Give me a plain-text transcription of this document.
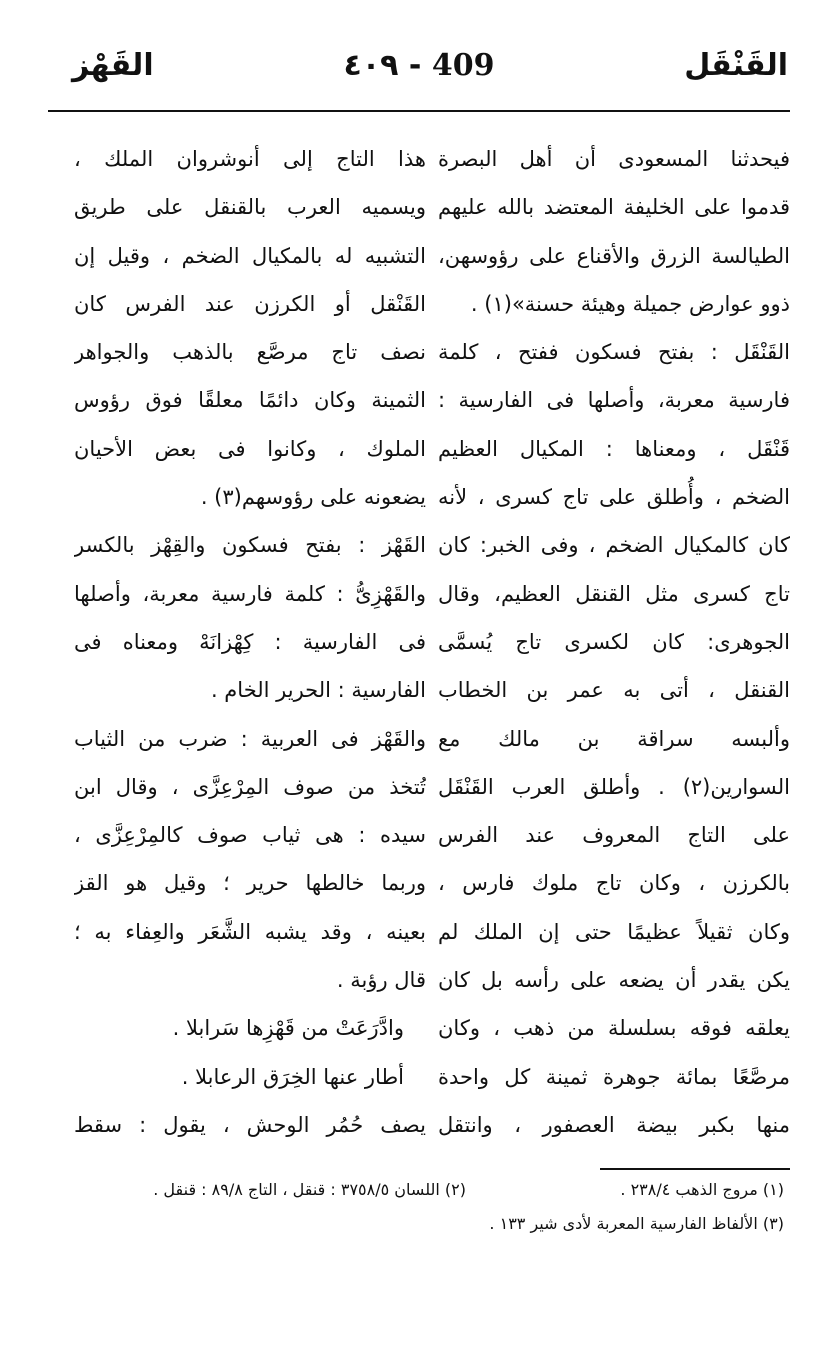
القَنْقَل
٤٠٩ - 409
القَهْز
فيحدثنا المسعودى أن أهل البصرة
قدموا على الخليفة المعتضد بالله عليهم
الطيالسة الزرق والأقناع على رؤوسهن،
ذوو عوارض جميلة وهيئة حسنة»(١) .
القَنْقَل : بفتح فسكون ففتح ، كلمة
فارسية معربة، وأصلها فى الفارسية :
قَنْقَل ، ومعناها : المكيال العظيم
الضخم ، وأُطلق على تاج كسرى ، لأنه
كان كالمكيال الضخم ، وفى الخبر: كان
تاج كسرى مثل القنقل العظيم، وقال
الجوهرى: كان لكسرى تاج يُسمَّى
القنقل ، أتى به عمر بن الخطاب
وألبسه سراقة بن مالك مع
السوارين(٢) . وأطلق العرب القَنْقَل
على التاج المعروف عند الفرس
بالكرزن ، وكان تاج ملوك فارس ،
وكان ثقيلاً عظيمًا حتى إن الملك لم
يكن يقدر أن يضعه على رأسه بل كان
يعلقه فوقه بسلسلة من ذهب ، وكان
مرصَّعًا بمائة جوهرة ثمينة كل واحدة
منها بكبر بيضة العصفور ، وانتقل
هذا التاج إلى أنوشروان الملك ،
ويسميه العرب بالقنقل على طريق
التشبيه له بالمكيال الضخم ، وقيل إن
القَنْقل أو الكرزن عند الفرس كان
نصف تاج مرصَّع بالذهب والجواهر
الثمينة وكان دائمًا معلقًا فوق رؤوس
الملوك ، وكانوا فى بعض الأحيان
يضعونه على رؤوسهم(٣) .
القَهْز : بفتح فسكون والقِهْز بالكسر
والقَهْزِىُّ : كلمة فارسية معربة، وأصلها
فى الفارسية : كِهْزانَهْ ومعناه فى
الفارسية : الحرير الخام .
والقَهْز فى العربية : ضرب من الثياب
تُتخذ من صوف المِرْعِزَّى ، وقال ابن
سيده : هى ثياب صوف كالمِرْعِزَّى ،
وربما خالطها حرير ؛ وقيل هو القز
بعينه ، وقد يشبه الشَّعَر والعِفاء به ؛
قال رؤبة .
وادَّرَعَتْ من قَهْزِها سَرابلا .
أطار عنها الخِرَق الرعابلا .
يصف حُمُر الوحش ، يقول : سقط
(١) مروج الذهب ٢٣٨/٤ .
(٢) اللسان ٣٧٥٨/٥ : قنقل ، التاج ٨٩/٨ : قنقل .
(٣) الألفاظ الفارسية المعربة لأدى شير ١٣٣ .
